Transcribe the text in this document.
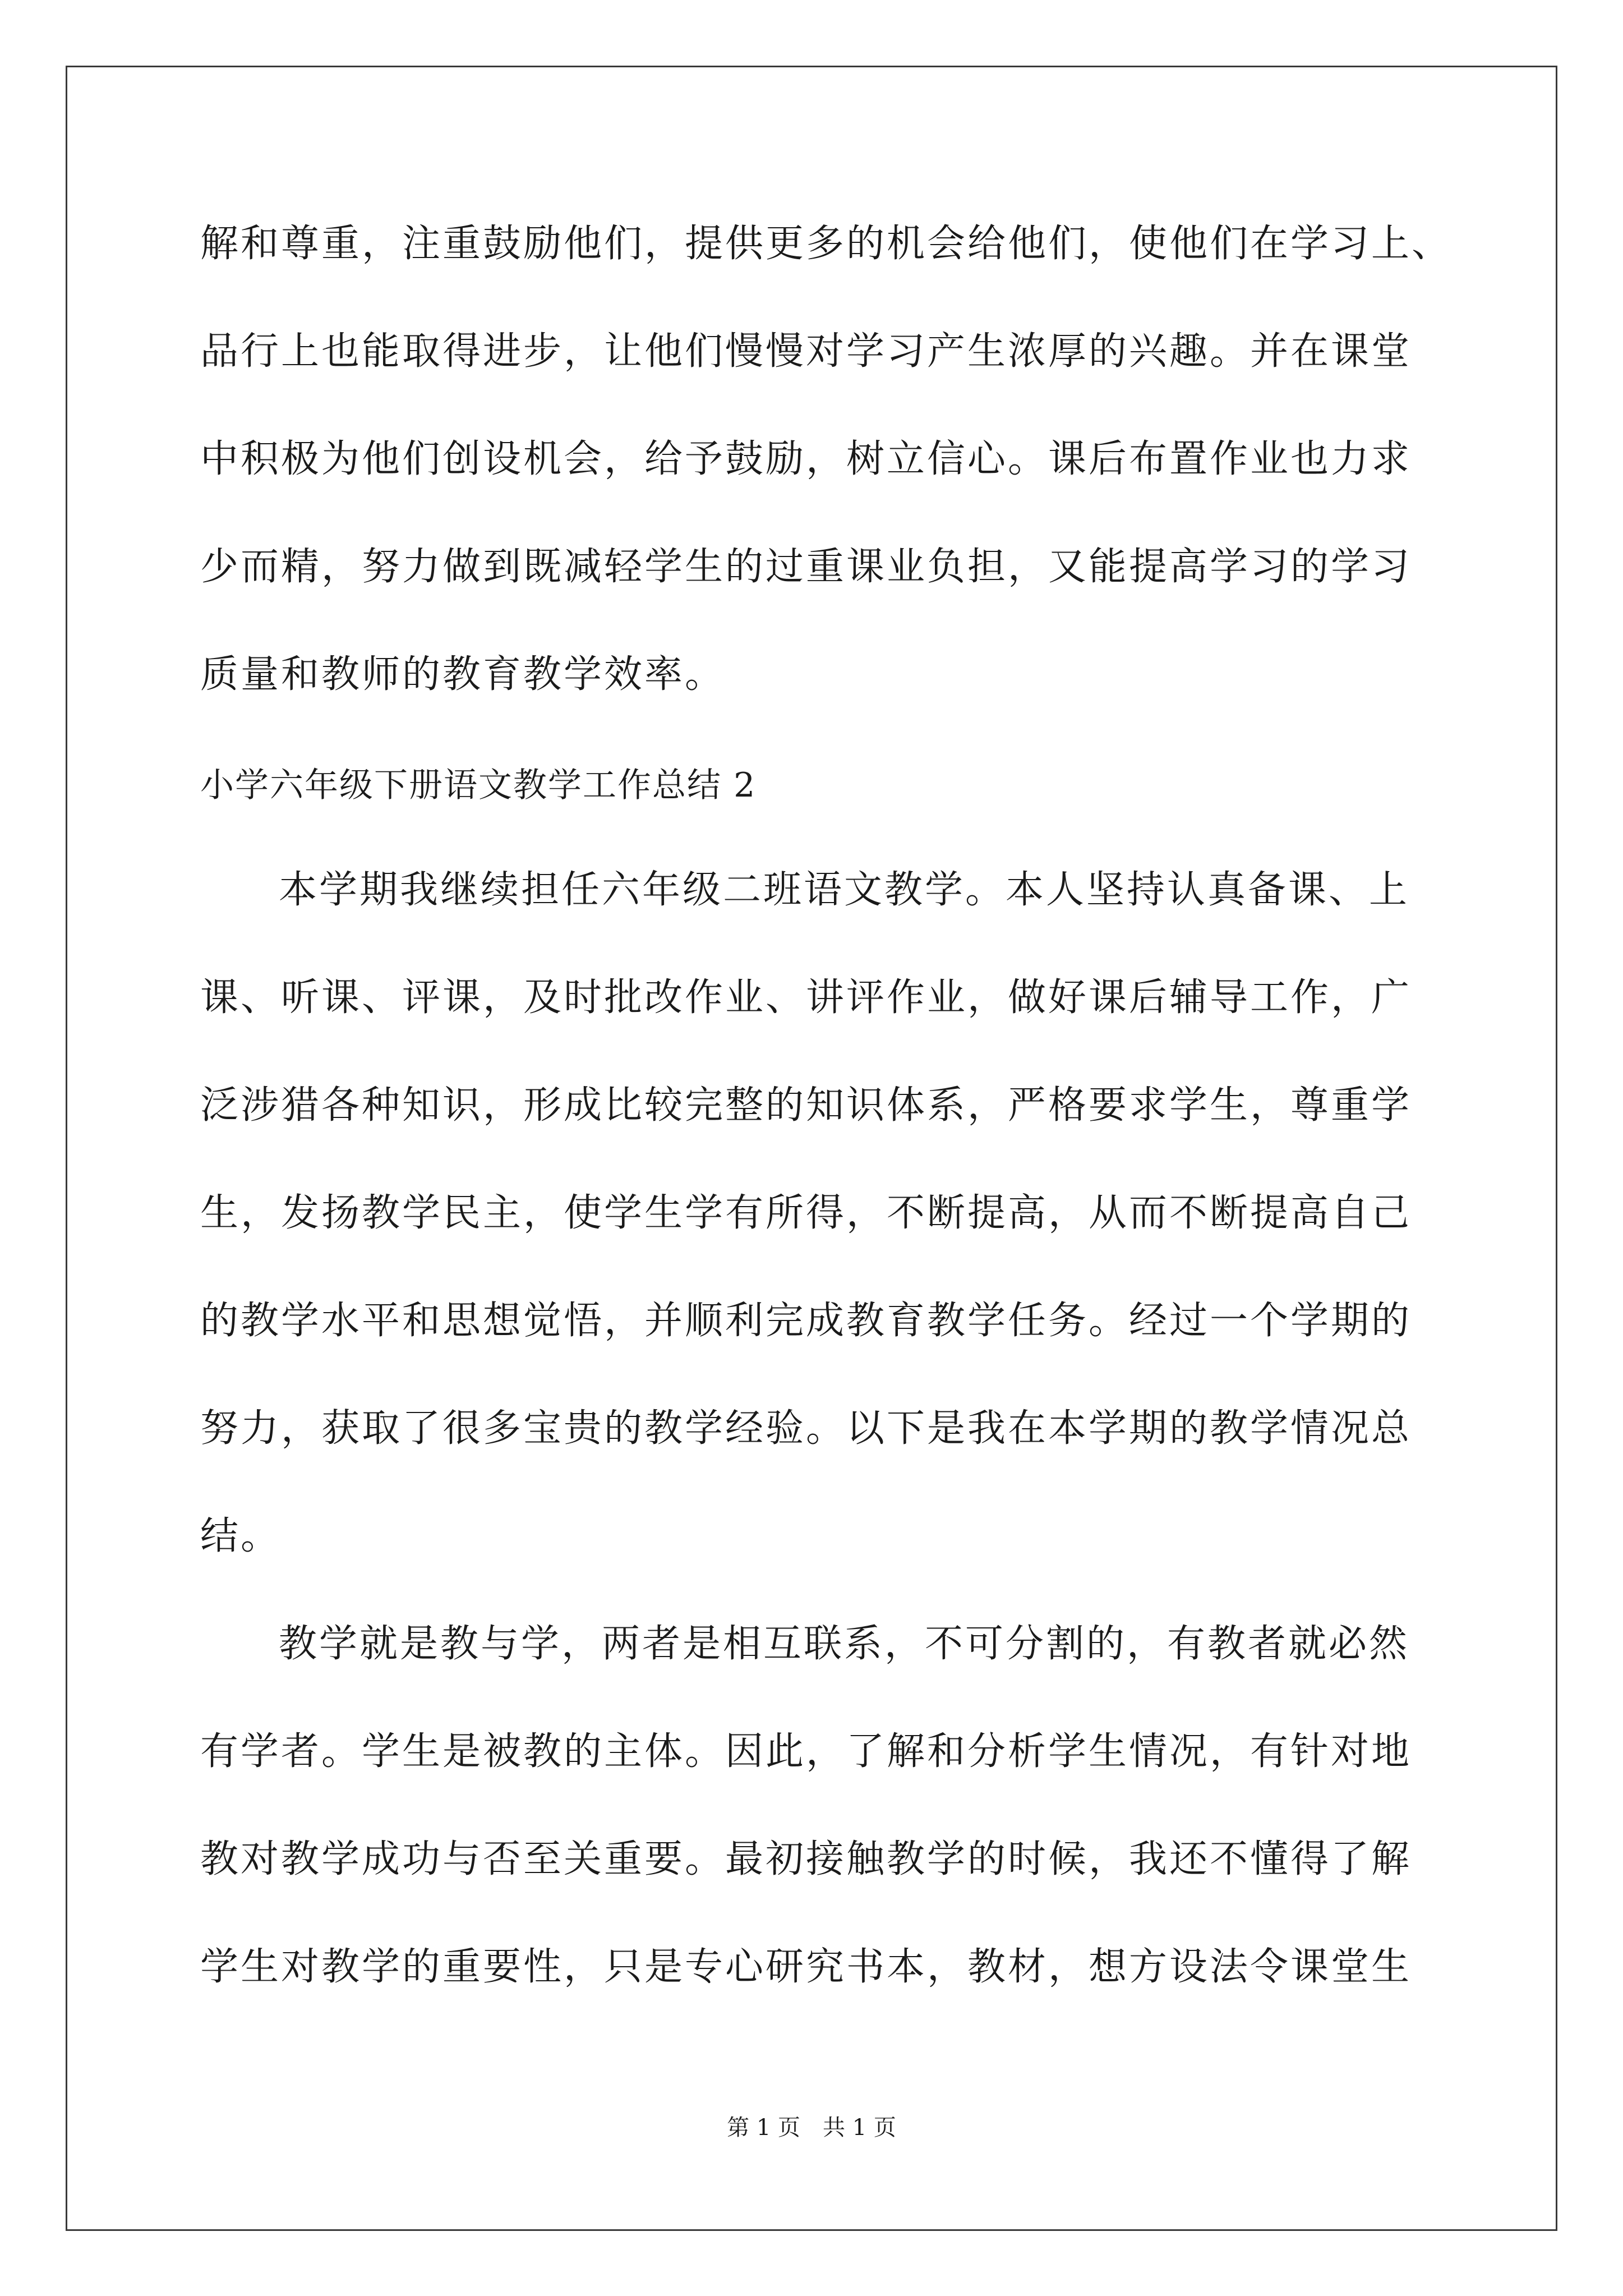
解和尊重，注重鼓励他们，提供更多的机会给他们，使他们在学习上、
品行上也能取得进步，让他们慢慢对学习产生浓厚的兴趣。并在课堂
中积极为他们创设机会，给予鼓励，树立信心。课后布置作业也力求
少而精，努力做到既减轻学生的过重课业负担，又能提高学习的学习
质量和教师的教育教学效率。
小学六年级下册语文教学工作总结 2
本学期我继续担任六年级二班语文教学。本人坚持认真备课、上
课、听课、评课，及时批改作业、讲评作业，做好课后辅导工作，广
泛涉猎各种知识，形成比较完整的知识体系，严格要求学生，尊重学
生，发扬教学民主，使学生学有所得，不断提高，从而不断提高自己
的教学水平和思想觉悟，并顺利完成教育教学任务。经过一个学期的
努力，获取了很多宝贵的教学经验。以下是我在本学期的教学情况总
结。
教学就是教与学，两者是相互联系，不可分割的，有教者就必然
有学者。学生是被教的主体。因此，了解和分析学生情况，有针对地
教对教学成功与否至关重要。最初接触教学的时候，我还不懂得了解
学生对教学的重要性，只是专心研究书本，教材，想方设法令课堂生
第 1 页 共 1 页
